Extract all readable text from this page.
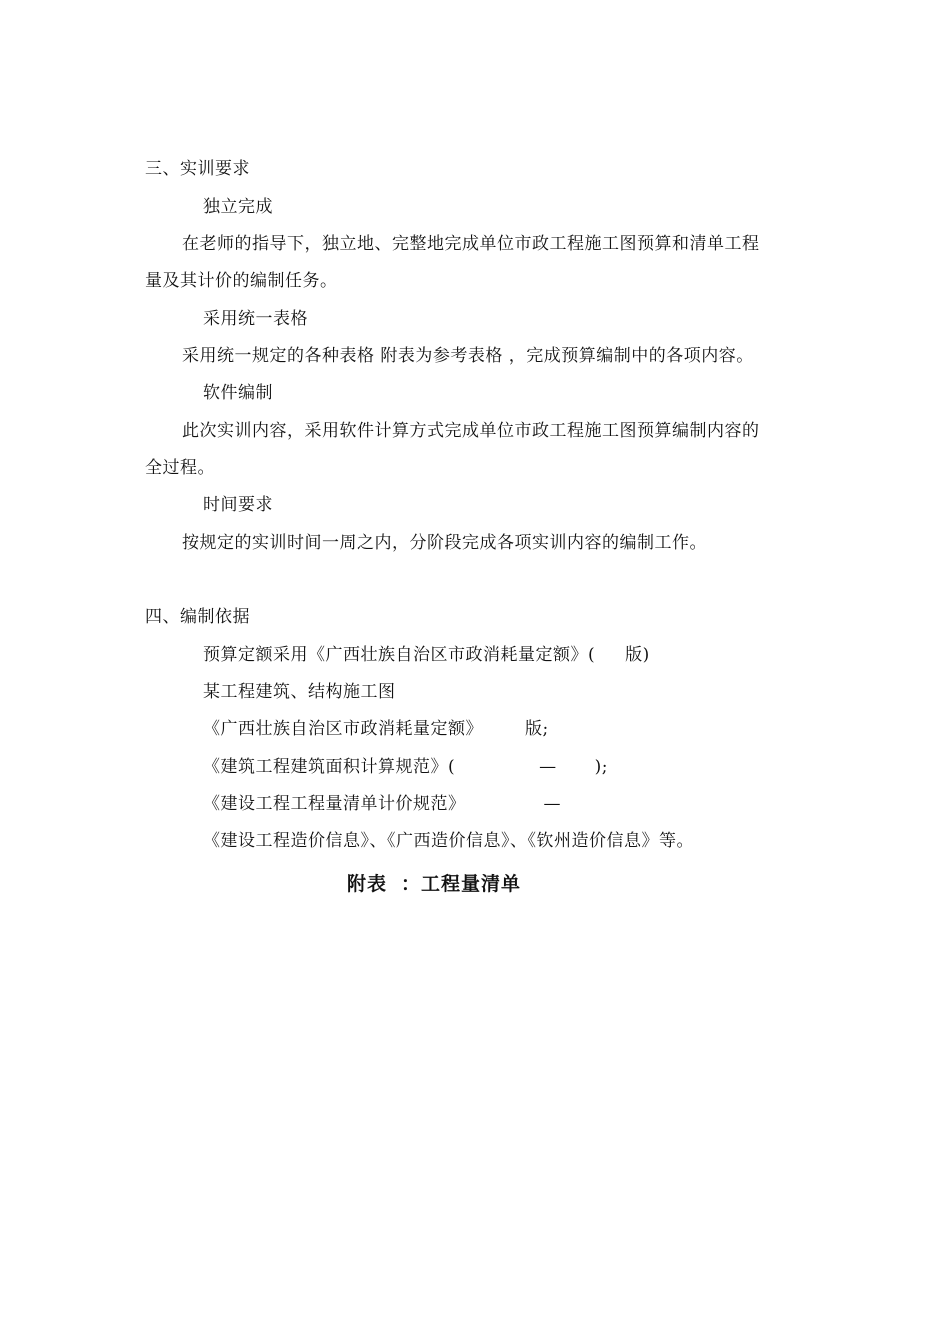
三、实训要求
独立完成
在老师的指导下，独立地、完整地完成单位市政工程施工图预算和清单工程
量及其计价的编制任务。
采用统一表格
采用统一规定的各种表格 附表为参考表格 ，完成预算编制中的各项内容。
软件编制
此次实训内容，采用软件计算方式完成单位市政工程施工图预算编制内容的
全过程。
时间要求
按规定的实训时间一周之内，分阶段完成各项实训内容的编制工作。
四、编制依据
预算定额采用《广西壮族自治区市政消耗量定额》( 版)
某工程建筑、结构施工图
《广西壮族自治区市政消耗量定额》 版;
《建筑工程建筑面积计算规范》(	— );
《建设工程工程量清单计价规范》	—
《建设工程造价信息》、《广西造价信息》、《钦州造价信息》等。
附表 ：工程量清单
